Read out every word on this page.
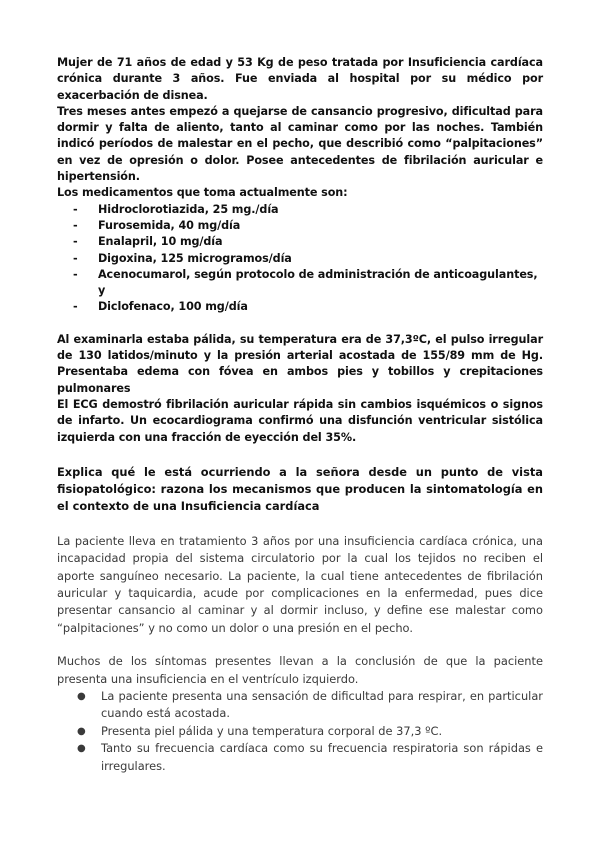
Mujer de 71 años de edad y 53 Kg de peso tratada por Insuficiencia cardíaca crónica durante 3 años. Fue enviada al hospital por su médico por exacerbación de disnea.

Tres meses antes empezó a quejarse de cansancio progresivo, dificultad para dormir y falta de aliento, tanto al caminar como por las noches. También indicó períodos de malestar en el pecho, que describió como “palpitaciones” en vez de opresión o dolor. Posee antecedentes de fibrilación auricular e hipertensión.

Los medicamentos que toma actualmente son:

- Hidroclorotiazida, 25 mg./día
- Furosemida, 40 mg/día
- Enalapril, 10 mg/día
- Digoxina, 125 microgramos/día
- Acenocumarol, según protocolo de administración de anticoagulantes, y
- Diclofenaco, 100 mg/día

Al examinarla estaba pálida, su temperatura era de 37,3ºC, el pulso irregular de 130 latidos/minuto y la presión arterial acostada de 155/89 mm de Hg. Presentaba edema con fóvea en ambos pies y tobillos y crepitaciones pulmonares

El ECG demostró fibrilación auricular rápida sin cambios isquémicos o signos de infarto. Un ecocardiograma confirmó una disfunción ventricular sistólica izquierda con una fracción de eyección del 35%.

Explica qué le está ocurriendo a la señora desde un punto de vista fisiopatológico: razona los mecanismos que producen la sintomatología en el contexto de una Insuficiencia cardíaca

La paciente lleva en tratamiento 3 años por una insuficiencia cardíaca crónica, una incapacidad propia del sistema circulatorio por la cual los tejidos no reciben el aporte sanguíneo necesario. La paciente, la cual tiene antecedentes de fibrilación auricular y taquicardia, acude por complicaciones en la enfermedad, pues dice presentar cansancio al caminar y al dormir incluso, y define ese malestar como “palpitaciones” y no como un dolor o una presión en el pecho.

Muchos de los síntomas presentes llevan a la conclusión de que la paciente presenta una insuficiencia en el ventrículo izquierdo.

● La paciente presenta una sensación de dificultad para respirar, en particular cuando está acostada.
● Presenta piel pálida y una temperatura corporal de 37,3 ºC.
● Tanto su frecuencia cardíaca como su frecuencia respiratoria son rápidas e irregulares.
